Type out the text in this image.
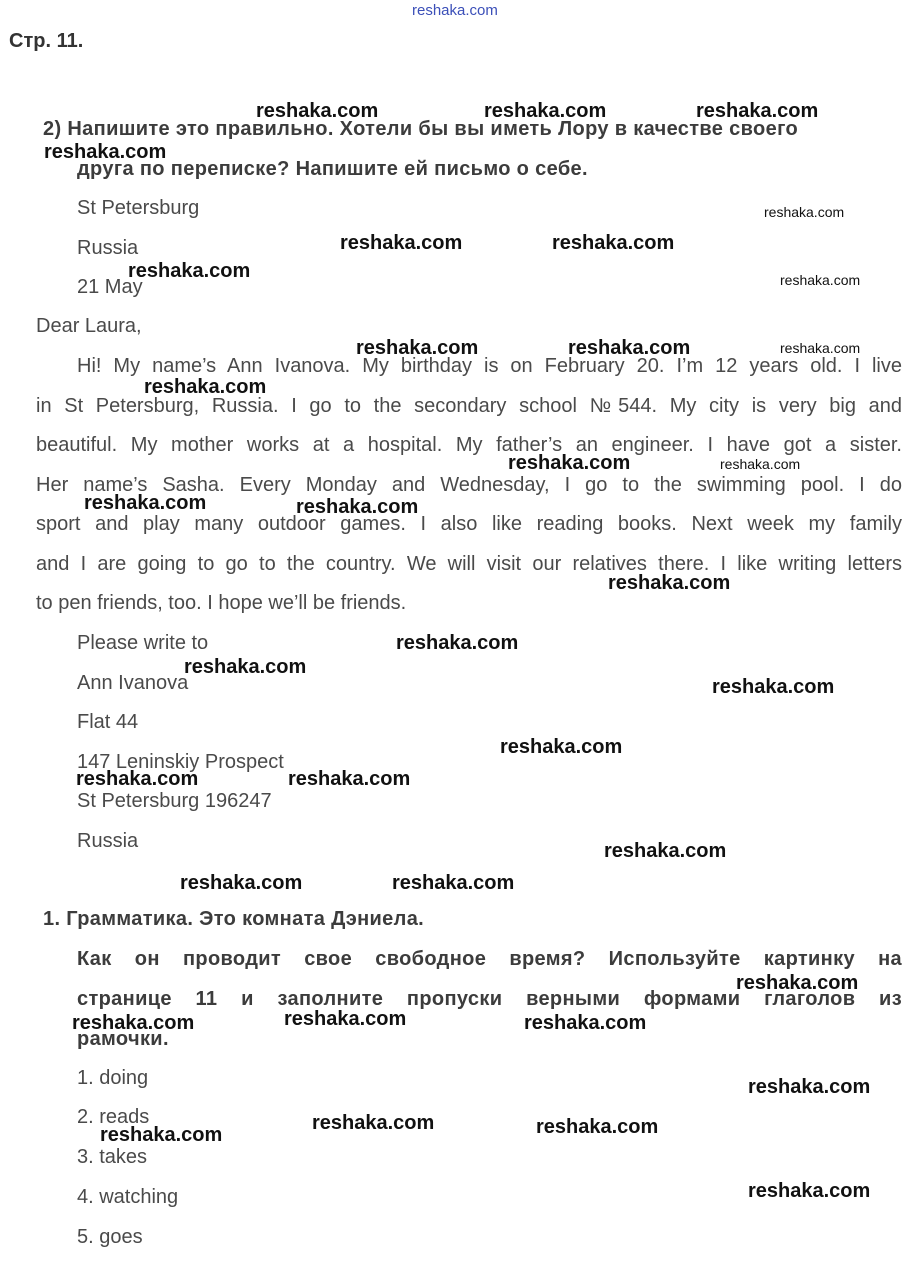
reshaka.com
Стр. 11.
2) Напишите это правильно. Хотели бы вы иметь Лору в качестве своего
друга по переписке? Напишите ей письмо о себе.
St Petersburg
Russia
21 May
Dear Laura,
Hi! My name’s Ann Ivanova. My birthday is on February 20. I’m 12 years old. I live
in St Petersburg, Russia. I go to the secondary school №544. My city is very big and
beautiful. My mother works at a hospital. My father’s an engineer. I have got a sister.
Her name’s Sasha. Every Monday and Wednesday, I go to the swimming pool. I do
sport and play many outdoor games. I also like reading books. Next week my family
and I are going to go to the country. We will visit our relatives there. I like writing letters
to pen friends, too. I hope we’ll be friends.
Please write to
Ann Ivanova
Flat 44
147 Leninskiy Prospect
St Petersburg 196247
Russia
1. Грамматика. Это комната Дэниела.
Как он проводит свое свободное время? Используйте картинку на
странице 11 и заполните пропуски верными формами глаголов из
рамочки.
1. doing
2. reads
3. takes
4. watching
5. goes
reshaka.com	reshaka.com	reshaka.com
reshaka.com
reshaka.com
reshaka.com	reshaka.com
reshaka.com	reshaka.com
reshaka.com	reshaka.com	reshaka.com
reshaka.com
reshaka.com	reshaka.com
reshaka.com	reshaka.com
reshaka.com
reshaka.com
reshaka.com
reshaka.com
reshaka.com
reshaka.com	reshaka.com
reshaka.com
reshaka.com	reshaka.com
reshaka.com
reshaka.com
reshaka.com	reshaka.com
reshaka.com
reshaka.com	reshaka.com
reshaka.com
reshaka.com
